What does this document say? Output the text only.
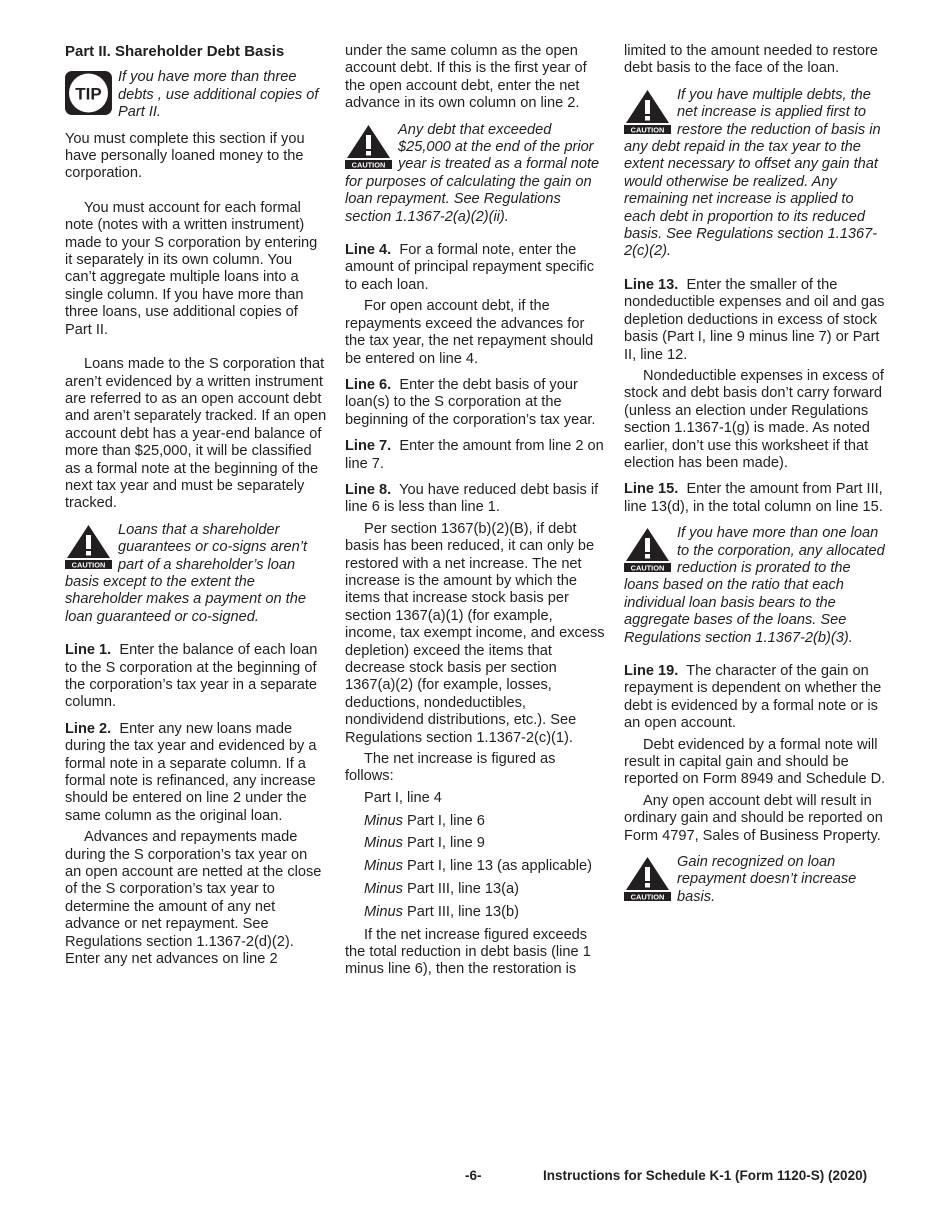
Part II. Shareholder Debt Basis

TIP

If you have more than three debts , use additional copies of Part II.

You must complete this section if you have personally loaned money to the corporation.

You must account for each formal note (notes with a written instrument) made to your S corporation by entering it separately in its own column. You can’t aggregate multiple loans into a single column. If you have more than three loans, use additional copies of Part II.

Loans made to the S corporation that aren’t evidenced by a written instrument are referred to as an open account debt and aren’t separately tracked. If an open account debt has a year-end balance of more than $25,000, it will be classified as a formal note at the beginning of the next tax year and must be separately tracked.

CAUTION

Loans that a shareholder guarantees or co-signs aren’t part of a shareholder’s loan basis except to the extent the shareholder makes a payment on the loan guaranteed or co-signed.

Line 1. Enter the balance of each loan to the S corporation at the beginning of the corporation’s tax year in a separate column.

Line 2. Enter any new loans made during the tax year and evidenced by a formal note in a separate column. If a formal note is refinanced, any increase should be entered on line 2 under the same column as the original loan.

Advances and repayments made during the S corporation’s tax year on an open account are netted at the close of the S corporation’s tax year to determine the amount of any net advance or net repayment. See Regulations section 1.1367-2(d)(2). Enter any net advances on line 2

under the same column as the open account debt. If this is the first year of the open account debt, enter the net advance in its own column on line 2.

CAUTION

Any debt that exceeded $25,000 at the end of the prior year is treated as a formal note for purposes of calculating the gain on loan repayment. See Regulations section 1.1367-2(a)(2)(ii).

Line 4. For a formal note, enter the amount of principal repayment specific to each loan.

For open account debt, if the repayments exceed the advances for the tax year, the net repayment should be entered on line 4.

Line 6. Enter the debt basis of your loan(s) to the S corporation at the beginning of the corporation’s tax year.

Line 7. Enter the amount from line 2 on line 7.

Line 8. You have reduced debt basis if line 6 is less than line 1.

Per section 1367(b)(2)(B), if debt basis has been reduced, it can only be restored with a net increase. The net increase is the amount by which the items that increase stock basis per section 1367(a)(1) (for example, income, tax exempt income, and excess depletion) exceed the items that decrease stock basis per section 1367(a)(2) (for example, losses, deductions, nondeductibles, nondividend distributions, etc.). See Regulations section 1.1367-2(c)(1).

The net increase is figured as follows:

Part I, line 4

Minus Part I, line 6

Minus Part I, line 9

Minus Part I, line 13 (as applicable)

Minus Part III, line 13(a)

Minus Part III, line 13(b)

If the net increase figured exceeds the total reduction in debt basis (line 1 minus line 6), then the restoration is

limited to the amount needed to restore debt basis to the face of the loan.

CAUTION

If you have multiple debts, the net increase is applied first to restore the reduction of basis in any debt repaid in the tax year to the extent necessary to offset any gain that would otherwise be realized. Any remaining net increase is applied to each debt in proportion to its reduced basis. See Regulations section 1.1367-2(c)(2).

Line 13. Enter the smaller of the nondeductible expenses and oil and gas depletion deductions in excess of stock basis (Part I, line 9 minus line 7) or Part II, line 12.

Nondeductible expenses in excess of stock and debt basis don’t carry forward (unless an election under Regulations section 1.1367-1(g) is made. As noted earlier, don’t use this worksheet if that election has been made).

Line 15. Enter the amount from Part III, line 13(d), in the total column on line 15.

CAUTION

If you have more than one loan to the corporation, any allocated reduction is prorated to the loans based on the ratio that each individual loan basis bears to the aggregate bases of the loans. See Regulations section 1.1367-2(b)(3).

Line 19. The character of the gain on repayment is dependent on whether the debt is evidenced by a formal note or is an open account.

Debt evidenced by a formal note will result in capital gain and should be reported on Form 8949 and Schedule D.

Any open account debt will result in ordinary gain and should be reported on Form 4797, Sales of Business Property.

CAUTION

Gain recognized on loan repayment doesn’t increase basis.

-6-	Instructions for Schedule K-1 (Form 1120-S) (2020)
